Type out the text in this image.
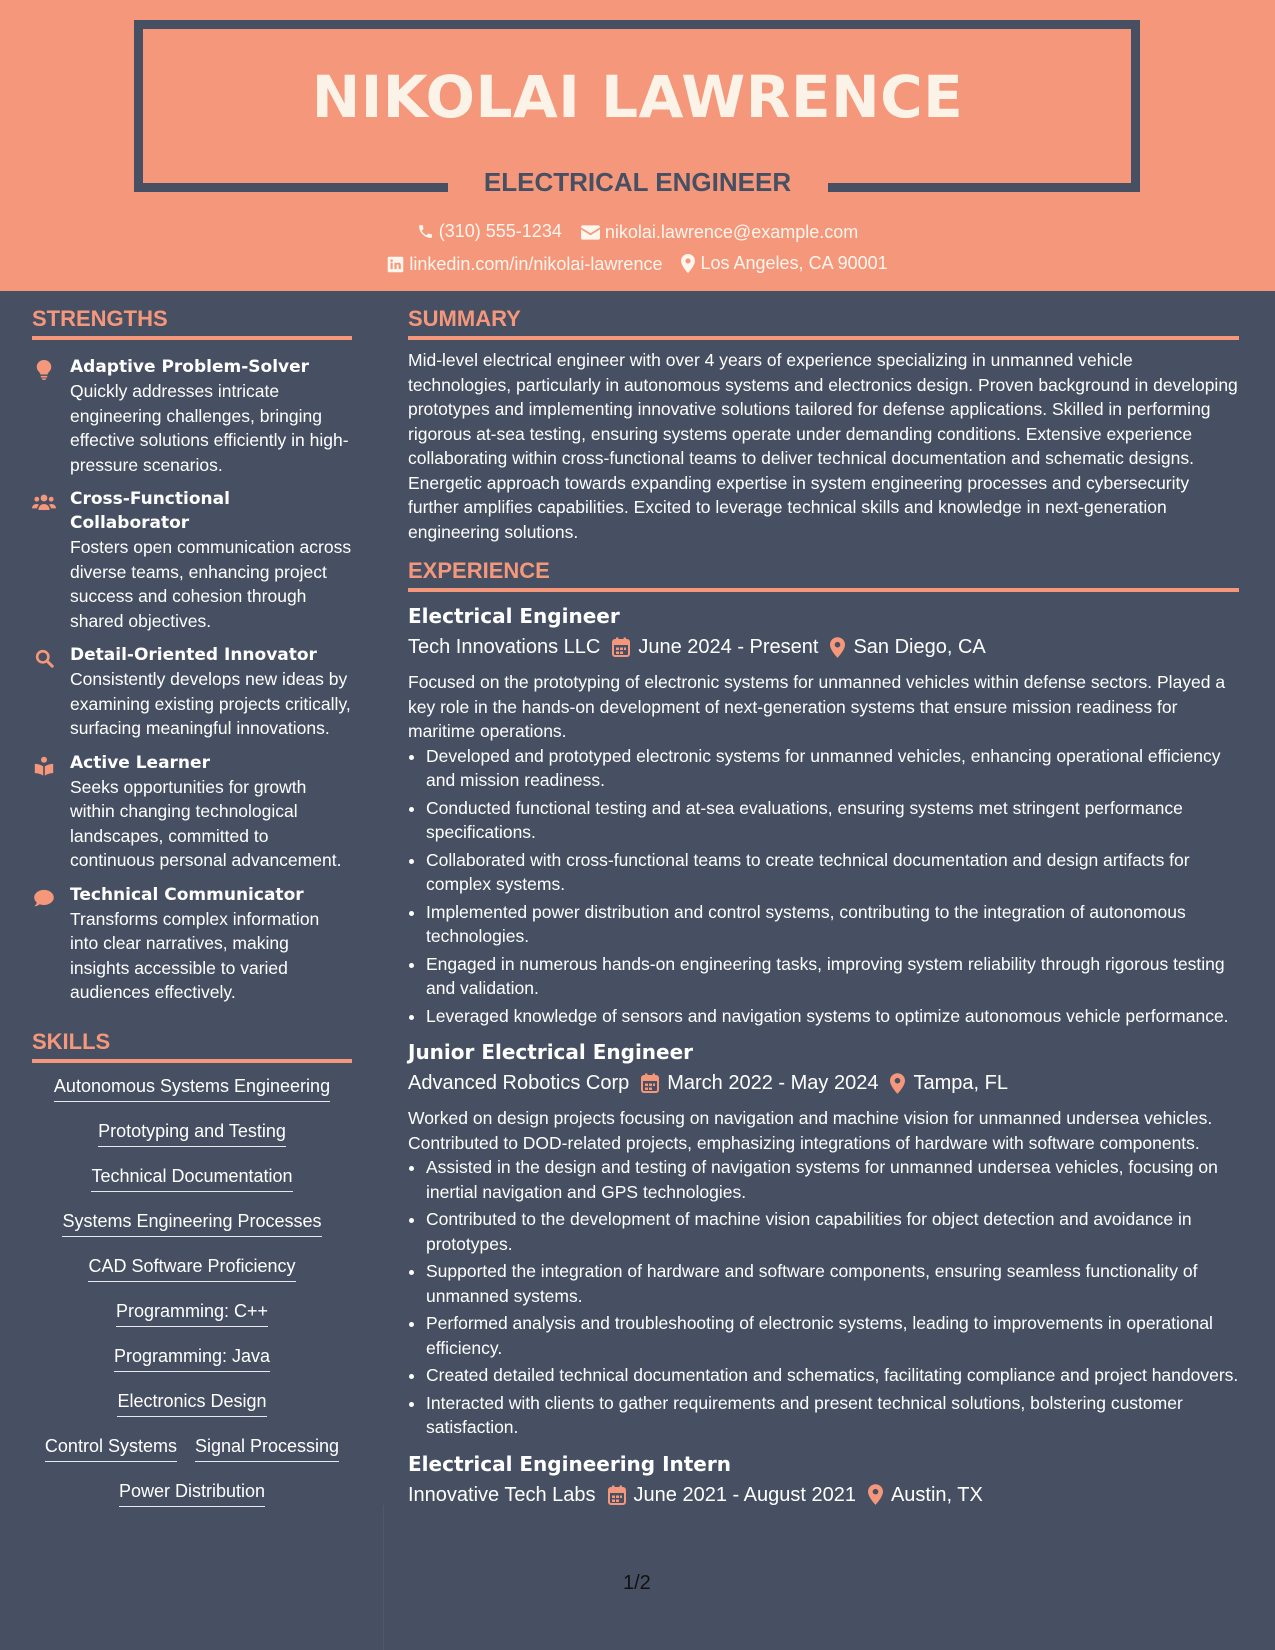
NIKOLAI LAWRENCE
ELECTRICAL ENGINEER
(310) 555-1234
nikolai.lawrence@example.com
linkedin.com/in/nikolai-lawrence
Los Angeles, CA 90001
STRENGTHS
Adaptive Problem-Solver
Quickly addresses intricate engineering challenges, bringing effective solutions efficiently in high-pressure scenarios.
Cross-Functional Collaborator
Fosters open communication across diverse teams, enhancing project success and cohesion through shared objectives.
Detail-Oriented Innovator
Consistently develops new ideas by examining existing projects critically, surfacing meaningful innovations.
Active Learner
Seeks opportunities for growth within changing technological landscapes, committed to continuous personal advancement.
Technical Communicator
Transforms complex information into clear narratives, making insights accessible to varied audiences effectively.
SKILLS
Autonomous Systems Engineering
Prototyping and Testing
Technical Documentation
Systems Engineering Processes
CAD Software Proficiency
Programming: C++
Programming: Java
Electronics Design
Control Systems Signal Processing
Power Distribution
SUMMARY
Mid-level electrical engineer with over 4 years of experience specializing in unmanned vehicle technologies, particularly in autonomous systems and electronics design. Proven background in developing prototypes and implementing innovative solutions tailored for defense applications. Skilled in performing rigorous at-sea testing, ensuring systems operate under demanding conditions. Extensive experience collaborating within cross-functional teams to deliver technical documentation and schematic designs. Energetic approach towards expanding expertise in system engineering processes and cybersecurity further amplifies capabilities. Excited to leverage technical skills and knowledge in next-generation engineering solutions.
EXPERIENCE
Electrical Engineer
Tech Innovations LLC June 2024 - Present San Diego, CA
Focused on the prototyping of electronic systems for unmanned vehicles within defense sectors. Played a key role in the hands-on development of next-generation systems that ensure mission readiness for maritime operations.
• Developed and prototyped electronic systems for unmanned vehicles, enhancing operational efficiency and mission readiness.
• Conducted functional testing and at-sea evaluations, ensuring systems met stringent performance specifications.
• Collaborated with cross-functional teams to create technical documentation and design artifacts for complex systems.
• Implemented power distribution and control systems, contributing to the integration of autonomous technologies.
• Engaged in numerous hands-on engineering tasks, improving system reliability through rigorous testing and validation.
• Leveraged knowledge of sensors and navigation systems to optimize autonomous vehicle performance.
Junior Electrical Engineer
Advanced Robotics Corp March 2022 - May 2024 Tampa, FL
Worked on design projects focusing on navigation and machine vision for unmanned undersea vehicles. Contributed to DOD-related projects, emphasizing integrations of hardware with software components.
• Assisted in the design and testing of navigation systems for unmanned undersea vehicles, focusing on inertial navigation and GPS technologies.
• Contributed to the development of machine vision capabilities for object detection and avoidance in prototypes.
• Supported the integration of hardware and software components, ensuring seamless functionality of unmanned systems.
• Performed analysis and troubleshooting of electronic systems, leading to improvements in operational efficiency.
• Created detailed technical documentation and schematics, facilitating compliance and project handovers.
• Interacted with clients to gather requirements and present technical solutions, bolstering customer satisfaction.
Electrical Engineering Intern
Innovative Tech Labs June 2021 - August 2021 Austin, TX
1/2
